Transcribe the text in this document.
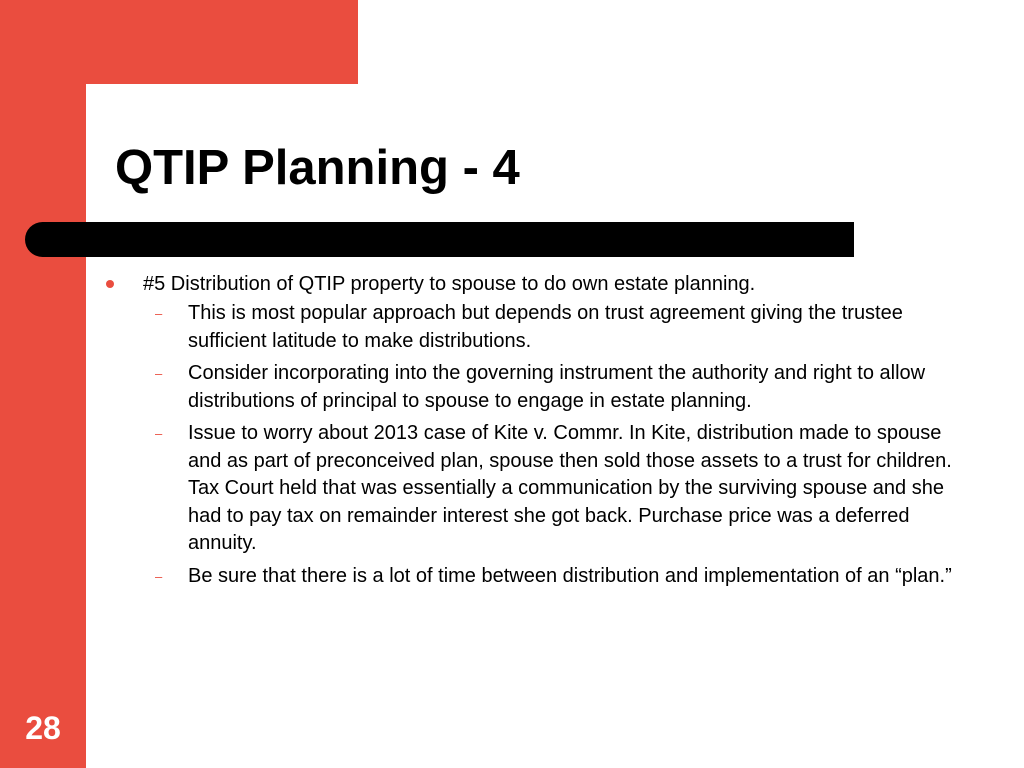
QTIP Planning - 4
#5 Distribution of QTIP property to spouse to do own estate planning.
– This is most popular approach but depends on trust agreement giving the trustee sufficient latitude to make distributions.
– Consider incorporating into the governing instrument the authority and right to allow distributions of principal to spouse to engage in estate planning.
– Issue to worry about 2013 case of Kite v. Commr. In Kite, distribution made to spouse and as part of preconceived plan, spouse then sold those assets to a trust for children. Tax Court held that was essentially a communication by the surviving spouse and she had to pay tax on remainder interest she got back. Purchase price was a deferred annuity.
– Be sure that there is a lot of time between distribution and implementation of an “plan.”
28
